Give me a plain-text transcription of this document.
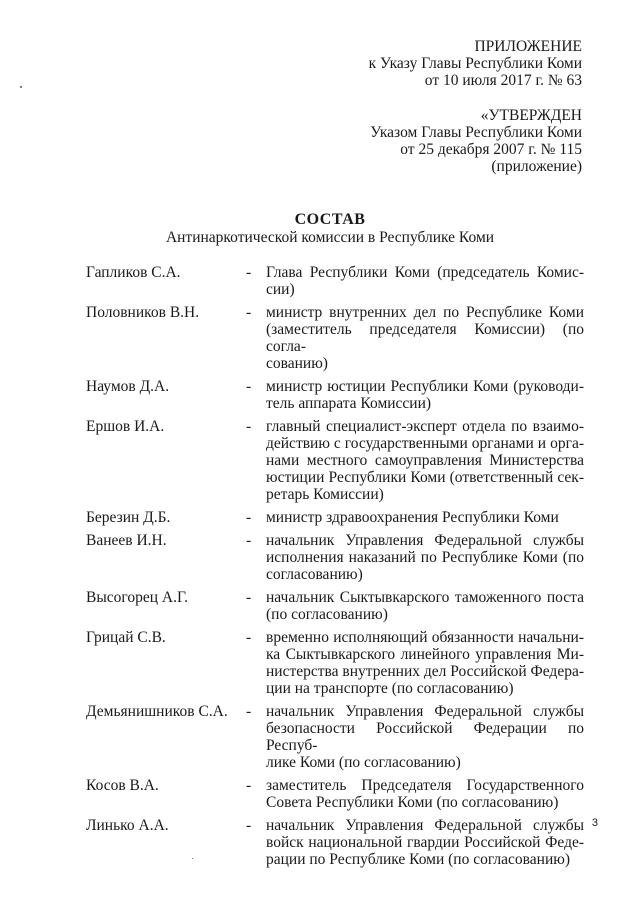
ПРИЛОЖЕНИЕ
к Указу Главы Республики Коми
от 10 июля 2017 г. № 63
«УТВЕРЖДЕН
Указом Главы Республики Коми
от 25 декабря 2007 г. № 115
(приложение)
СОСТАВ
Антинаркотической комиссии в Республике Коми
Гапликов С.А.	- Глава Республики Коми (председатель Комис-
сии)
Половников В.Н.	- министр внутренних дел по Республике Коми
(заместитель председателя Комиссии) (по согла-
сованию)
Наумов Д.А.	- министр юстиции Республики Коми (руководи-
тель аппарата Комиссии)
Ершов И.А.	- главный специалист-эксперт отдела по взаимо-
действию с государственными органами и орга-
нами местного самоуправления Министерства
юстиции Республики Коми (ответственный сек-
ретарь Комиссии)
Березин Д.Б.	- министр здравоохранения Республики Коми
Ванеев И.Н.	- начальник Управления Федеральной службы
исполнения наказаний по Республике Коми (по
согласованию)
Высогорец А.Г.	- начальник Сыктывкарского таможенного поста
(по согласованию)
Грицай С.В.	- временно исполняющий обязанности начальни-
ка Сыктывкарского линейного управления Ми-
нистерства внутренних дел Российской Федера-
ции на транспорте (по согласованию)
Демьянишников С.А.	- начальник Управления Федеральной службы
безопасности Российской Федерации по Респуб-
лике Коми (по согласованию)
Косов В.А.	- заместитель Председателя Государственного
Совета Республики Коми (по согласованию)
Линько А.А.	- начальник Управления Федеральной службы
войск национальной гвардии Российской Феде-
рации по Республике Коми (по согласованию)
3
